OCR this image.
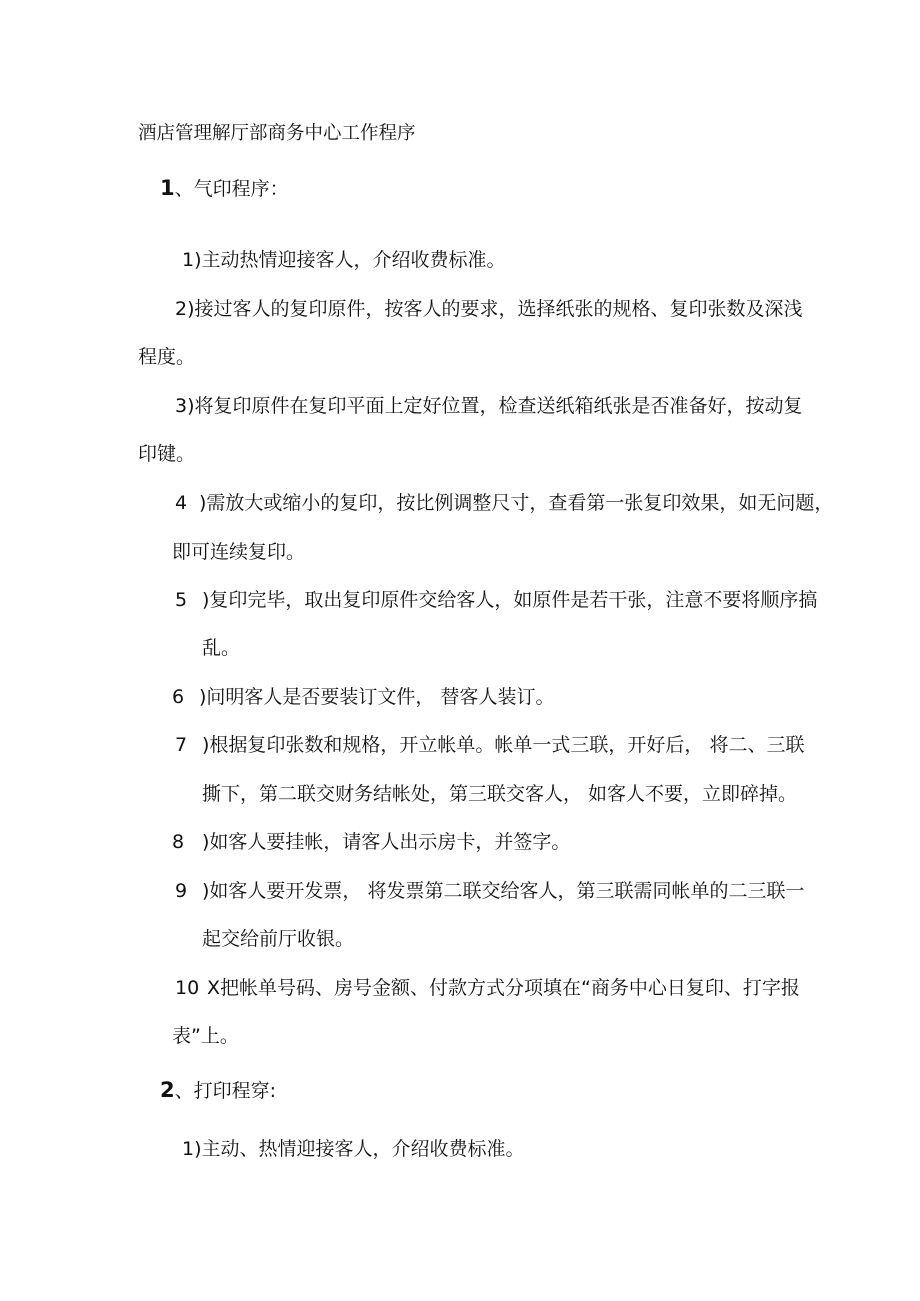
酒店管理解厅部商务中心工作程序
1、气印程序：
1)主动热情迎接客人，介绍收费标准。
2)接过客人的复印原件，按客人的要求，选择纸张的规格、复印张数及深浅
程度。
3)将复印原件在复印平面上定好位置，检查送纸箱纸张是否准备好，按动复
印键。
4 )需放大或缩小的复印，按比例调整尺寸，查看第一张复印效果，如无问题，
即可连续复印。
5 )复印完毕，取出复印原件交给客人，如原件是若干张，注意不要将顺序搞
乱。
6 )问明客人是否要装订文件， 替客人装订。
7 )根据复印张数和规格，开立帐单。帐单一式三联，开好后， 将二、三联
撕下，第二联交财务结帐处，第三联交客人， 如客人不要，立即碎掉。
8 )如客人要挂帐，请客人出示房卡，并签字。
9 )如客人要开发票， 将发票第二联交给客人，第三联需同帐单的二三联一
起交给前厅收银。
10 X把帐单号码、房号金额、付款方式分项填在“商务中心日复印、打字报
表”上。
2、打印程穿:
1)主动、热情迎接客人，介绍收费标准。
